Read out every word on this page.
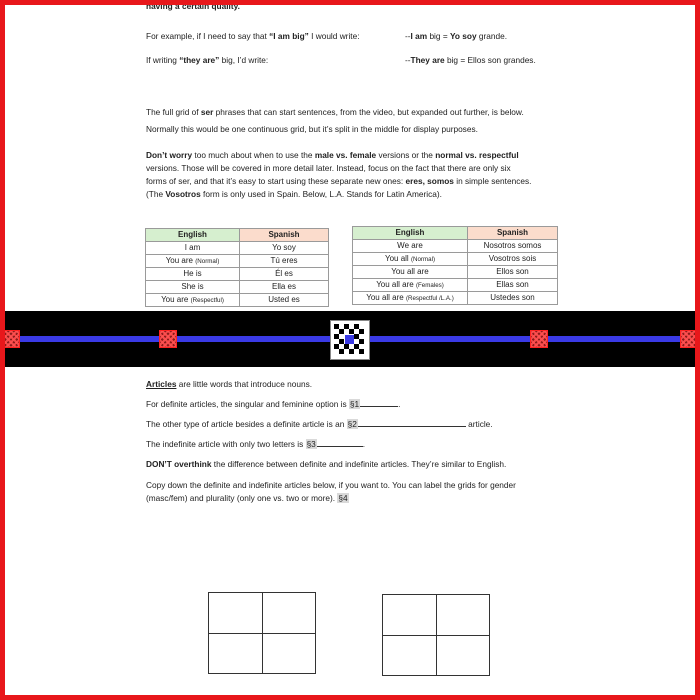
having a certain quality.
For example, if I need to say that “I am big” I would write:	--I am big = Yo soy grande.
If writing “they are” big, I’d write:	--They are big = Ellos son grandes.
The full grid of ser phrases that can start sentences, from the video, but expanded out further, is below.
Normally this would be one continuous grid, but it’s split in the middle for display purposes.
Don’t worry too much about when to use the male vs. female versions or the normal vs. respectful
versions. Those will be covered in more detail later. Instead, focus on the fact that there are only six
forms of ser, and that it’s easy to start using these separate new ones: eres, somos in simple sentences.
(The Vosotros form is only used in Spain. Below, L.A. Stands for Latin America).
English	Spanish
I am	Yo soy
You are (Normal)	Tú eres
He is	Él es
She is	Ella es
You are (Respectful)	Usted es
English	Spanish
We are	Nosotros somos
You all (Normal)	Vosotros sois
You all are	Ellos son
You all are (Females)	Ellas son
You all are (Respectful /L.A.)	Ustedes son
Articles are little words that introduce nouns.
For definite articles, the singular and feminine option is §1	.
The other type of article besides a definite article is an §2	article.
The indefinite article with only two letters is §3	.
DON’T overthink the difference between definite and indefinite articles. They’re similar to English.
Copy down the definite and indefinite articles below, if you want to. You can label the grids for gender
(masc/fem) and plurality (only one vs. two or more). §4
